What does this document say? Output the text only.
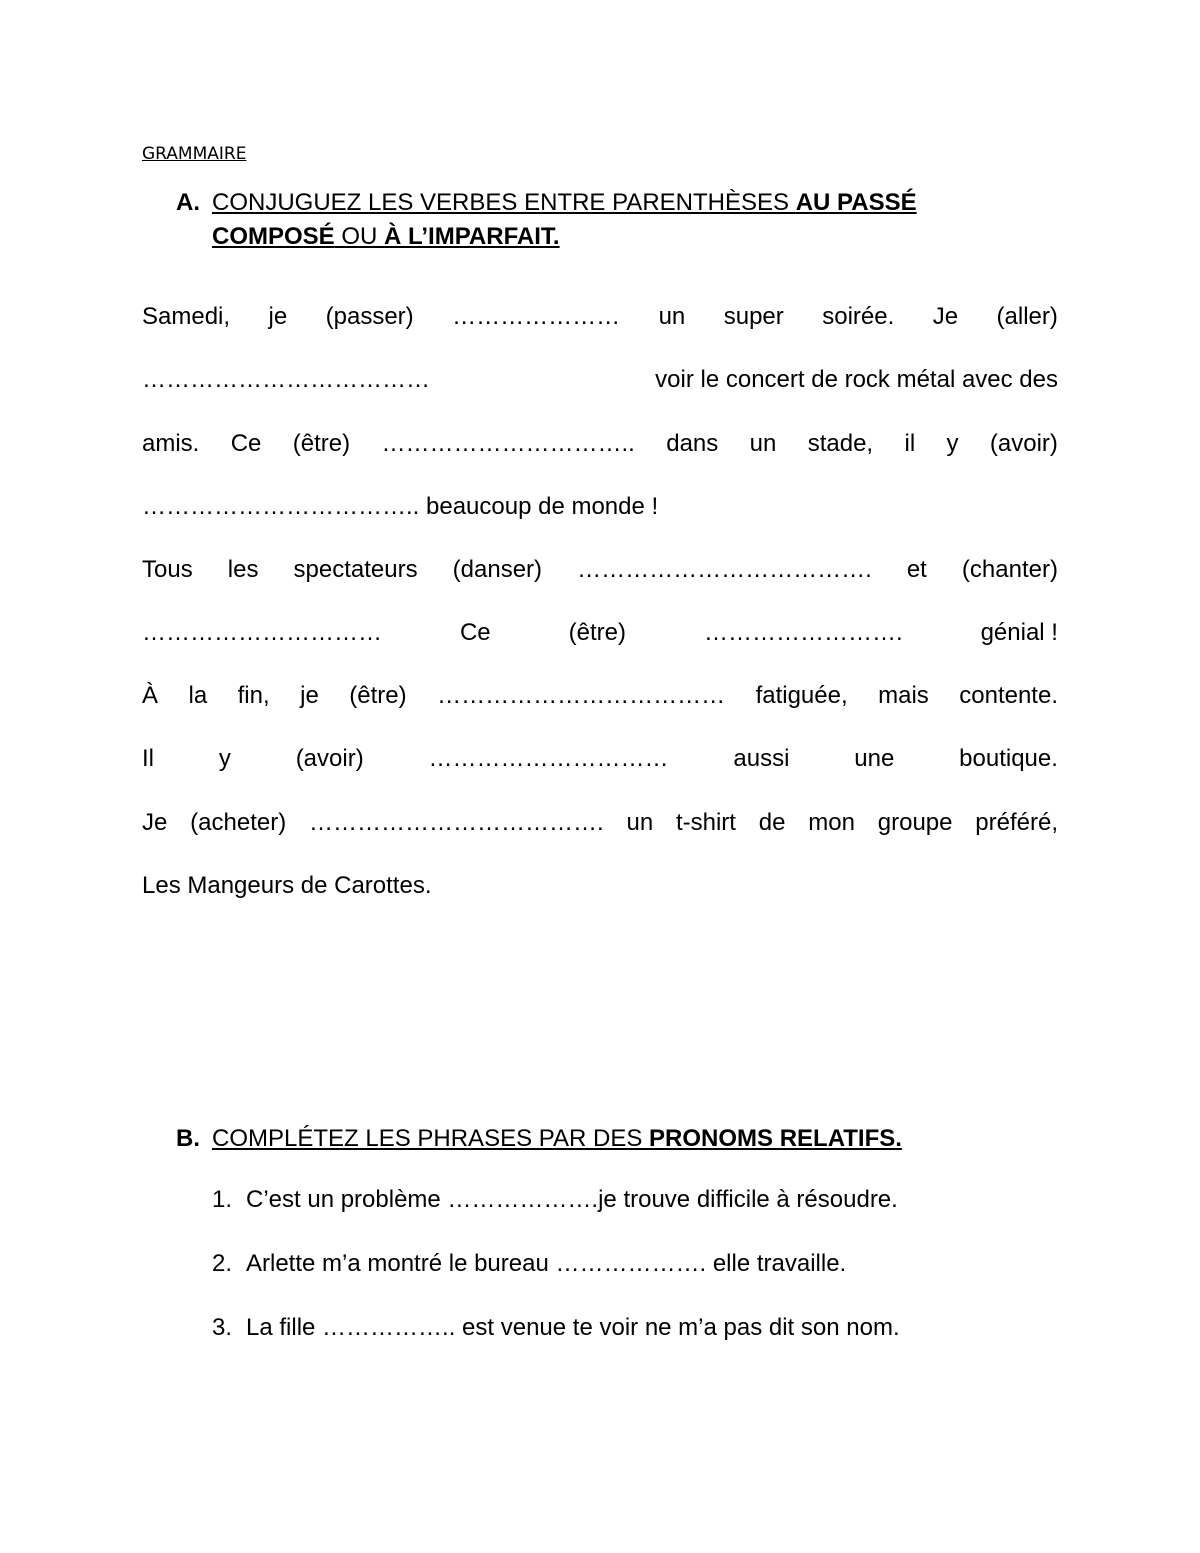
GRAMMAIRE
A. CONJUGUEZ LES VERBES ENTRE PARENTHÈSES AU PASSÉ
COMPOSÉ OU À L’IMPARFAIT.
Samedi, je (passer) ………………… un super soirée. Je (aller)
………………………………	voir le concert de rock métal avec des
amis. Ce (être) ………………………….. dans un stade, il y (avoir)
…………………………….. beaucoup de monde !
Tous les spectateurs (danser) ………………………………. et (chanter)
…………………………	Ce	(être)	…………………….	génial !
À la fin, je (être) ……………………………… fatiguée, mais contente.
Il	y	(avoir)	…………………………	aussi	une	boutique.
Je (acheter) ………………………………. un t-shirt de mon groupe préféré,
Les Mangeurs de Carottes.
B. COMPLÉTEZ LES PHRASES PAR DES PRONOMS RELATIFS.
1. C’est un problème ……………….je trouve difficile à résoudre.
2. Arlette m’a montré le bureau ………………. elle travaille.
3. La fille …………….. est venue te voir ne m’a pas dit son nom.
